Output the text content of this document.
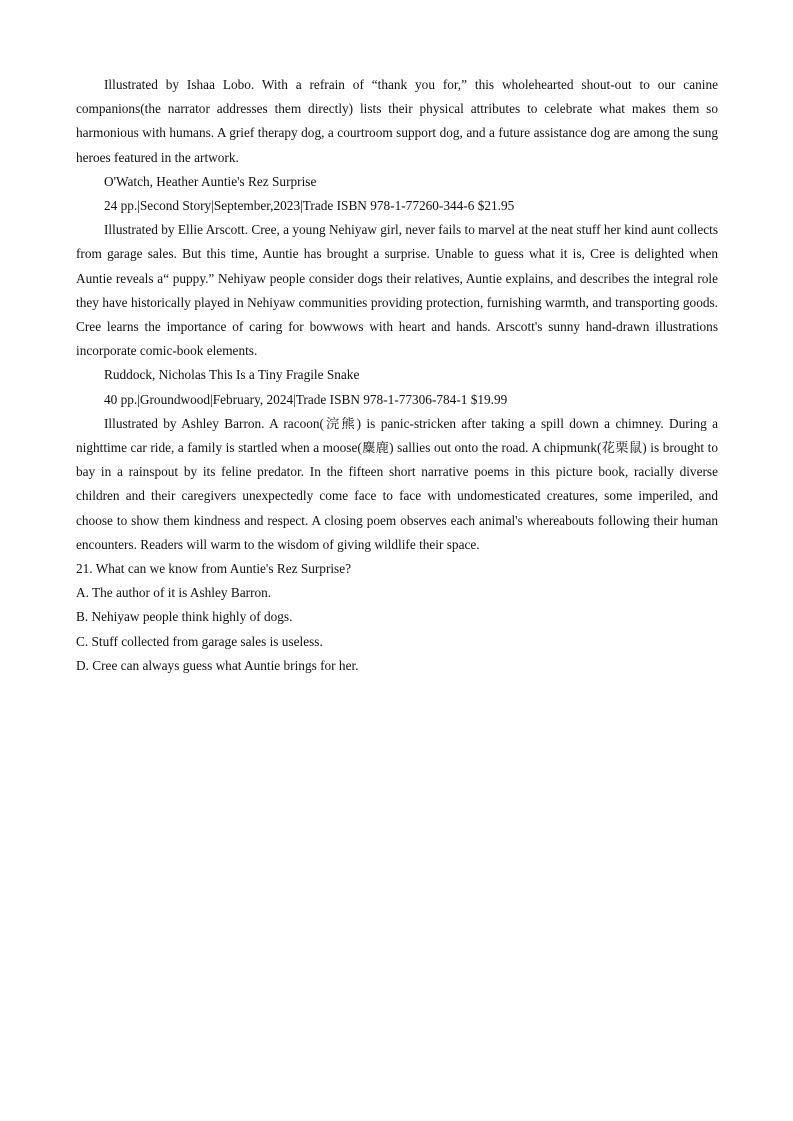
Illustrated by Ishaa Lobo. With a refrain of “thank you for,” this wholehearted shout-out to our canine companions(the narrator addresses them directly) lists their physical attributes to celebrate what makes them so harmonious with humans. A grief therapy dog, a courtroom support dog, and a future assistance dog are among the sung heroes featured in the artwork.

O'Watch, Heather Auntie's Rez Surprise

24 pp.|Second Story|September,2023|Trade ISBN 978-1-77260-344-6 $21.95

Illustrated by Ellie Arscott. Cree, a young Nehiyaw girl, never fails to marvel at the neat stuff her kind aunt collects from garage sales. But this time, Auntie has brought a surprise. Unable to guess what it is, Cree is delighted when Auntie reveals a“ puppy.” Nehiyaw people consider dogs their relatives, Auntie explains, and describes the integral role they have historically played in Nehiyaw communities providing protection, furnishing warmth, and transporting goods. Cree learns the importance of caring for bowwows with heart and hands. Arscott's sunny hand-drawn illustrations incorporate comic-book elements.

Ruddock, Nicholas This Is a Tiny Fragile Snake

40 pp.|Groundwood|February, 2024|Trade ISBN 978-1-77306-784-1 $19.99

Illustrated by Ashley Barron. A racoon(浣熊) is panic-stricken after taking a spill down a chimney. During a nighttime car ride, a family is startled when a moose(麋鹿) sallies out onto the road. A chipmunk(花栗鼠) is brought to bay in a rainspout by its feline predator. In the fifteen short narrative poems in this picture book, racially diverse children and their caregivers unexpectedly come face to face with undomesticated creatures, some imperiled, and choose to show them kindness and respect. A closing poem observes each animal's whereabouts following their human encounters. Readers will warm to the wisdom of giving wildlife their space.

21. What can we know from Auntie's Rez Surprise?

A. The author of it is Ashley Barron.

B. Nehiyaw people think highly of dogs.

C. Stuff collected from garage sales is useless.

D. Cree can always guess what Auntie brings for her.
